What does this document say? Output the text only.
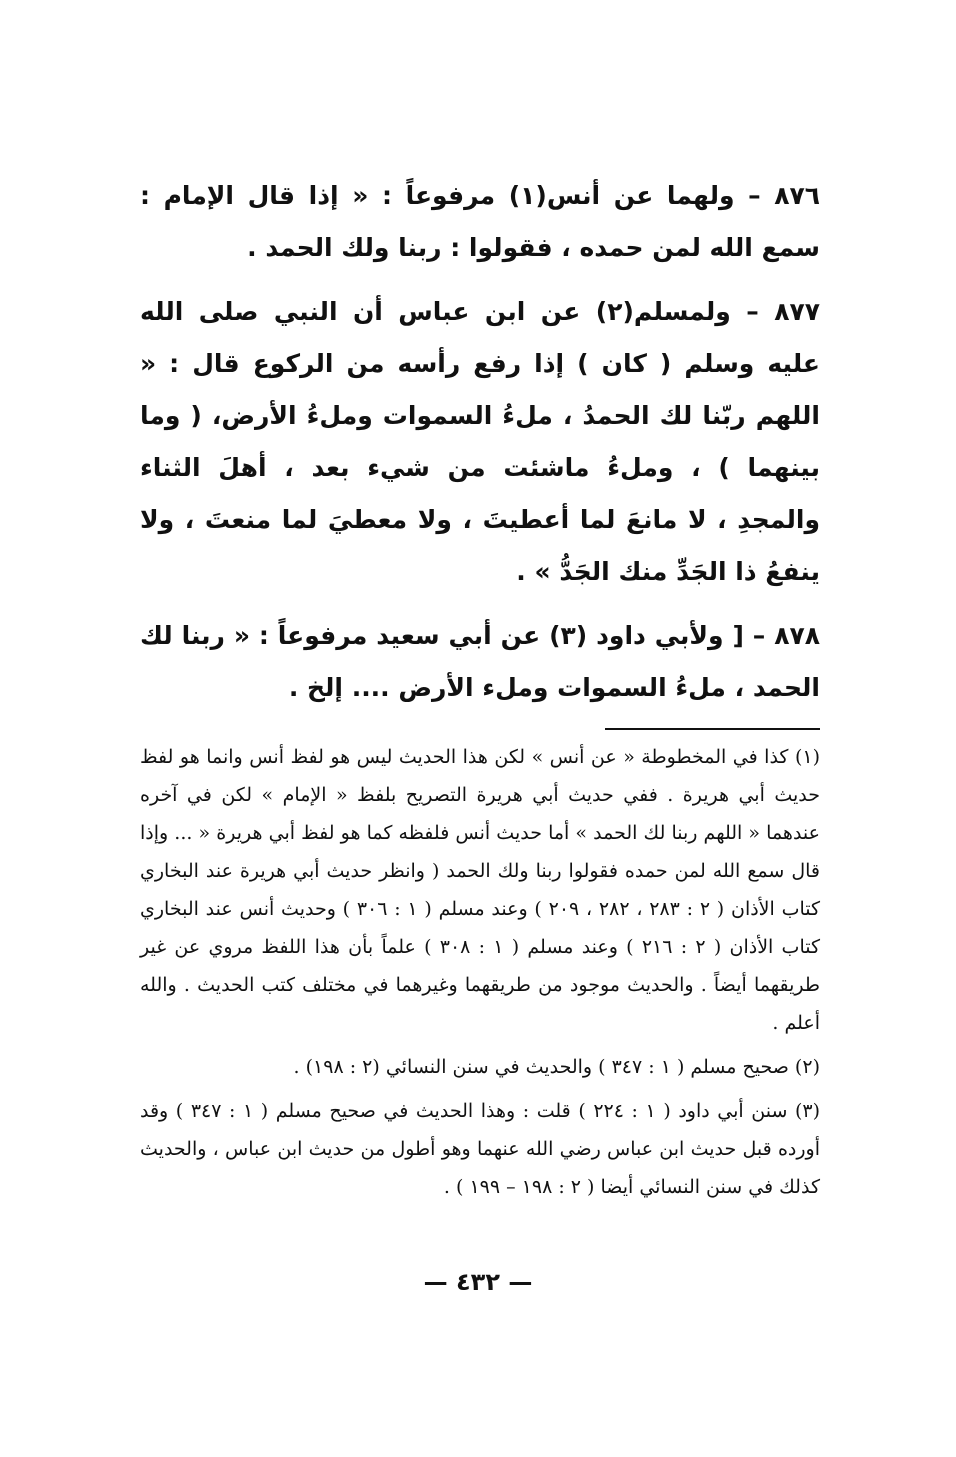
٨٧٦ – ولهما عن أنس(١) مرفوعاً : « إذا قال الإمام : سمع الله لمن حمده ، فقولوا : ربنا ولك الحمد .

٨٧٧ – ولمسلم(٢) عن ابن عباس أن النبي صلى الله عليه وسلم ( كان ) إذا رفع رأسه من الركوع قال : « اللهم ربّنا لك الحمدُ ، ملءُ السموات وملءُ الأرض، ( وما بينهما ) ، وملءُ ماشئت من شيء بعد ، أهلَ الثناء والمجدِ ، لا مانعَ لما أعطيتَ ، ولا معطيَ لما منعتَ ، ولا ينفعُ ذا الجَدِّ منك الجَدُّ » .

٨٧٨ – [ ولأبي داود (٣) عن أبي سعيد مرفوعاً : « ربنا لك الحمد ، ملءُ السموات وملء الأرض .... إلخ .

(١) كذا في المخطوطة « عن أنس » لكن هذا الحديث ليس هو لفظ أنس وانما هو لفظ حديث أبي هريرة . ففي حديث أبي هريرة التصريح بلفظ « الإمام » لكن في آخره عندهما « اللهم ربنا لك الحمد » أما حديث أنس فلفظه كما هو لفظ أبي هريرة « ... وإذا قال سمع الله لمن حمده فقولوا ربنا ولك الحمد ( وانظر حديث أبي هريرة عند البخاري كتاب الأذان ( ٢ : ٢٨٣ ، ٢٨٢ ، ٢٠٩ ) وعند مسلم ( ١ : ٣٠٦ ) وحديث أنس عند البخاري كتاب الأذان ( ٢ : ٢١٦ ) وعند مسلم ( ١ : ٣٠٨ ) علماً بأن هذا اللفظ مروي عن غير طريقهما أيضاً . والحديث موجود من طريقهما وغيرهما في مختلف كتب الحديث . والله أعلم .

(٢) صحيح مسلم ( ١ : ٣٤٧ ) والحديث في سنن النسائي (٢ : ١٩٨) .

(٣) سنن أبي داود ( ١ : ٢٢٤ ) قلت : وهذا الحديث في صحيح مسلم ( ١ : ٣٤٧ ) وقد أورده قبل حديث ابن عباس رضي الله عنهما وهو أطول من حديث ابن عباس ، والحديث كذلك في سنن النسائي أيضا ( ٢ : ١٩٨ – ١٩٩ ) .

— ٤٣٢ —
